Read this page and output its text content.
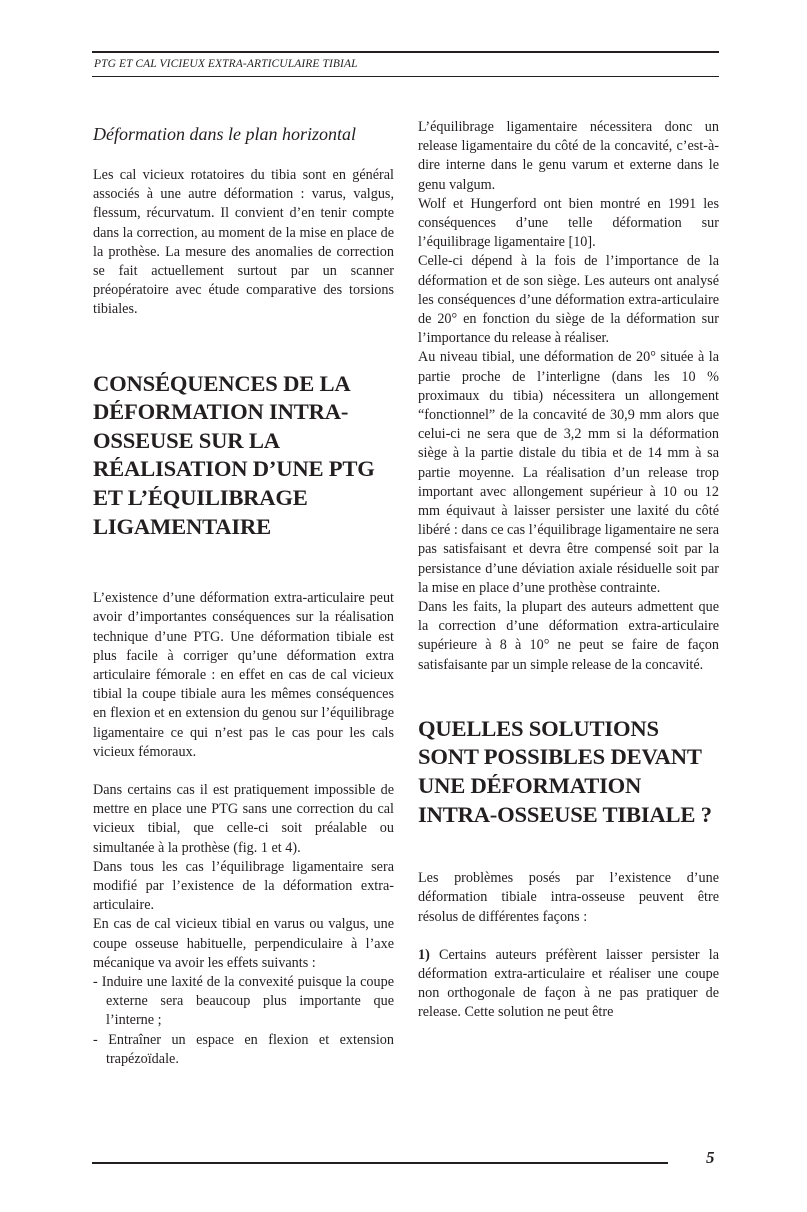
PTG ET CAL VICIEUX EXTRA-ARTICULAIRE TIBIAL

Déformation dans le plan horizontal

Les cal vicieux rotatoires du tibia sont en général associés à une autre déformation : varus, valgus, flessum, récurvatum. Il convient d’en tenir compte dans la correction, au moment de la mise en place de la prothèse. La mesure des anomalies de correction se fait actuellement surtout par un scanner préopératoire avec étude comparative des torsions tibiales.

CONSÉQUENCES DE LA DÉFORMATION INTRA-OSSEUSE SUR LA RÉALISATION D’UNE PTG ET L’ÉQUILIBRAGE LIGAMENTAIRE

L’existence d’une déformation extra-articulaire peut avoir d’importantes conséquences sur la réalisation technique d’une PTG. Une déformation tibiale est plus facile à corriger qu’une déformation extra articulaire fémorale : en effet en cas de cal vicieux tibial la coupe tibiale aura les mêmes conséquences en flexion et en extension du genou sur l’équilibrage ligamentaire ce qui n’est pas le cas pour les cals vicieux fémoraux.

Dans certains cas il est pratiquement impossible de mettre en place une PTG sans une correction du cal vicieux tibial, que celle-ci soit préalable ou simultanée à la prothèse (fig. 1 et 4).

Dans tous les cas l’équilibrage ligamentaire sera modifié par l’existence de la déformation extra-articulaire.

En cas de cal vicieux tibial en varus ou valgus, une coupe osseuse habituelle, perpendiculaire à l’axe mécanique va avoir les effets suivants :

- Induire une laxité de la convexité puisque la coupe externe sera beaucoup plus importante que l’interne ;
- Entraîner un espace en flexion et extension trapézoïdale.

L’équilibrage ligamentaire nécessitera donc un release ligamentaire du côté de la concavité, c’est-à-dire interne dans le genu varum et externe dans le genu valgum.

Wolf et Hungerford ont bien montré en 1991 les conséquences d’une telle déformation sur l’équilibrage ligamentaire [10].

Celle-ci dépend à la fois de l’importance de la déformation et de son siège. Les auteurs ont analysé les conséquences d’une déformation extra-articulaire de 20° en fonction du siège de la déformation sur l’importance du release à réaliser.

Au niveau tibial, une déformation de 20° située à la partie proche de l’interligne (dans les 10 % proximaux du tibia) nécessitera un allongement “fonctionnel” de la concavité de 30,9 mm alors que celui-ci ne sera que de 3,2 mm si la déformation siège à la partie distale du tibia et de 14 mm à sa partie moyenne. La réalisation d’un release trop important avec allongement supérieur à 10 ou 12 mm équivaut à laisser persister une laxité du côté libéré : dans ce cas l’équilibrage ligamentaire ne sera pas satisfaisant et devra être compensé soit par la persistance d’une déviation axiale résiduelle soit par la mise en place d’une prothèse contrainte.

Dans les faits, la plupart des auteurs admettent que la correction d’une déformation extra-articulaire supérieure à 8 à 10° ne peut se faire de façon satisfaisante par un simple release de la concavité.

QUELLES SOLUTIONS SONT POSSIBLES DEVANT UNE DÉFORMATION INTRA-OSSEUSE TIBIALE ?

Les problèmes posés par l’existence d’une déformation tibiale intra-osseuse peuvent être résolus de différentes façons :

1) Certains auteurs préfèrent laisser persister la déformation extra-articulaire et réaliser une coupe non orthogonale de façon à ne pas pratiquer de release. Cette solution ne peut être

5
